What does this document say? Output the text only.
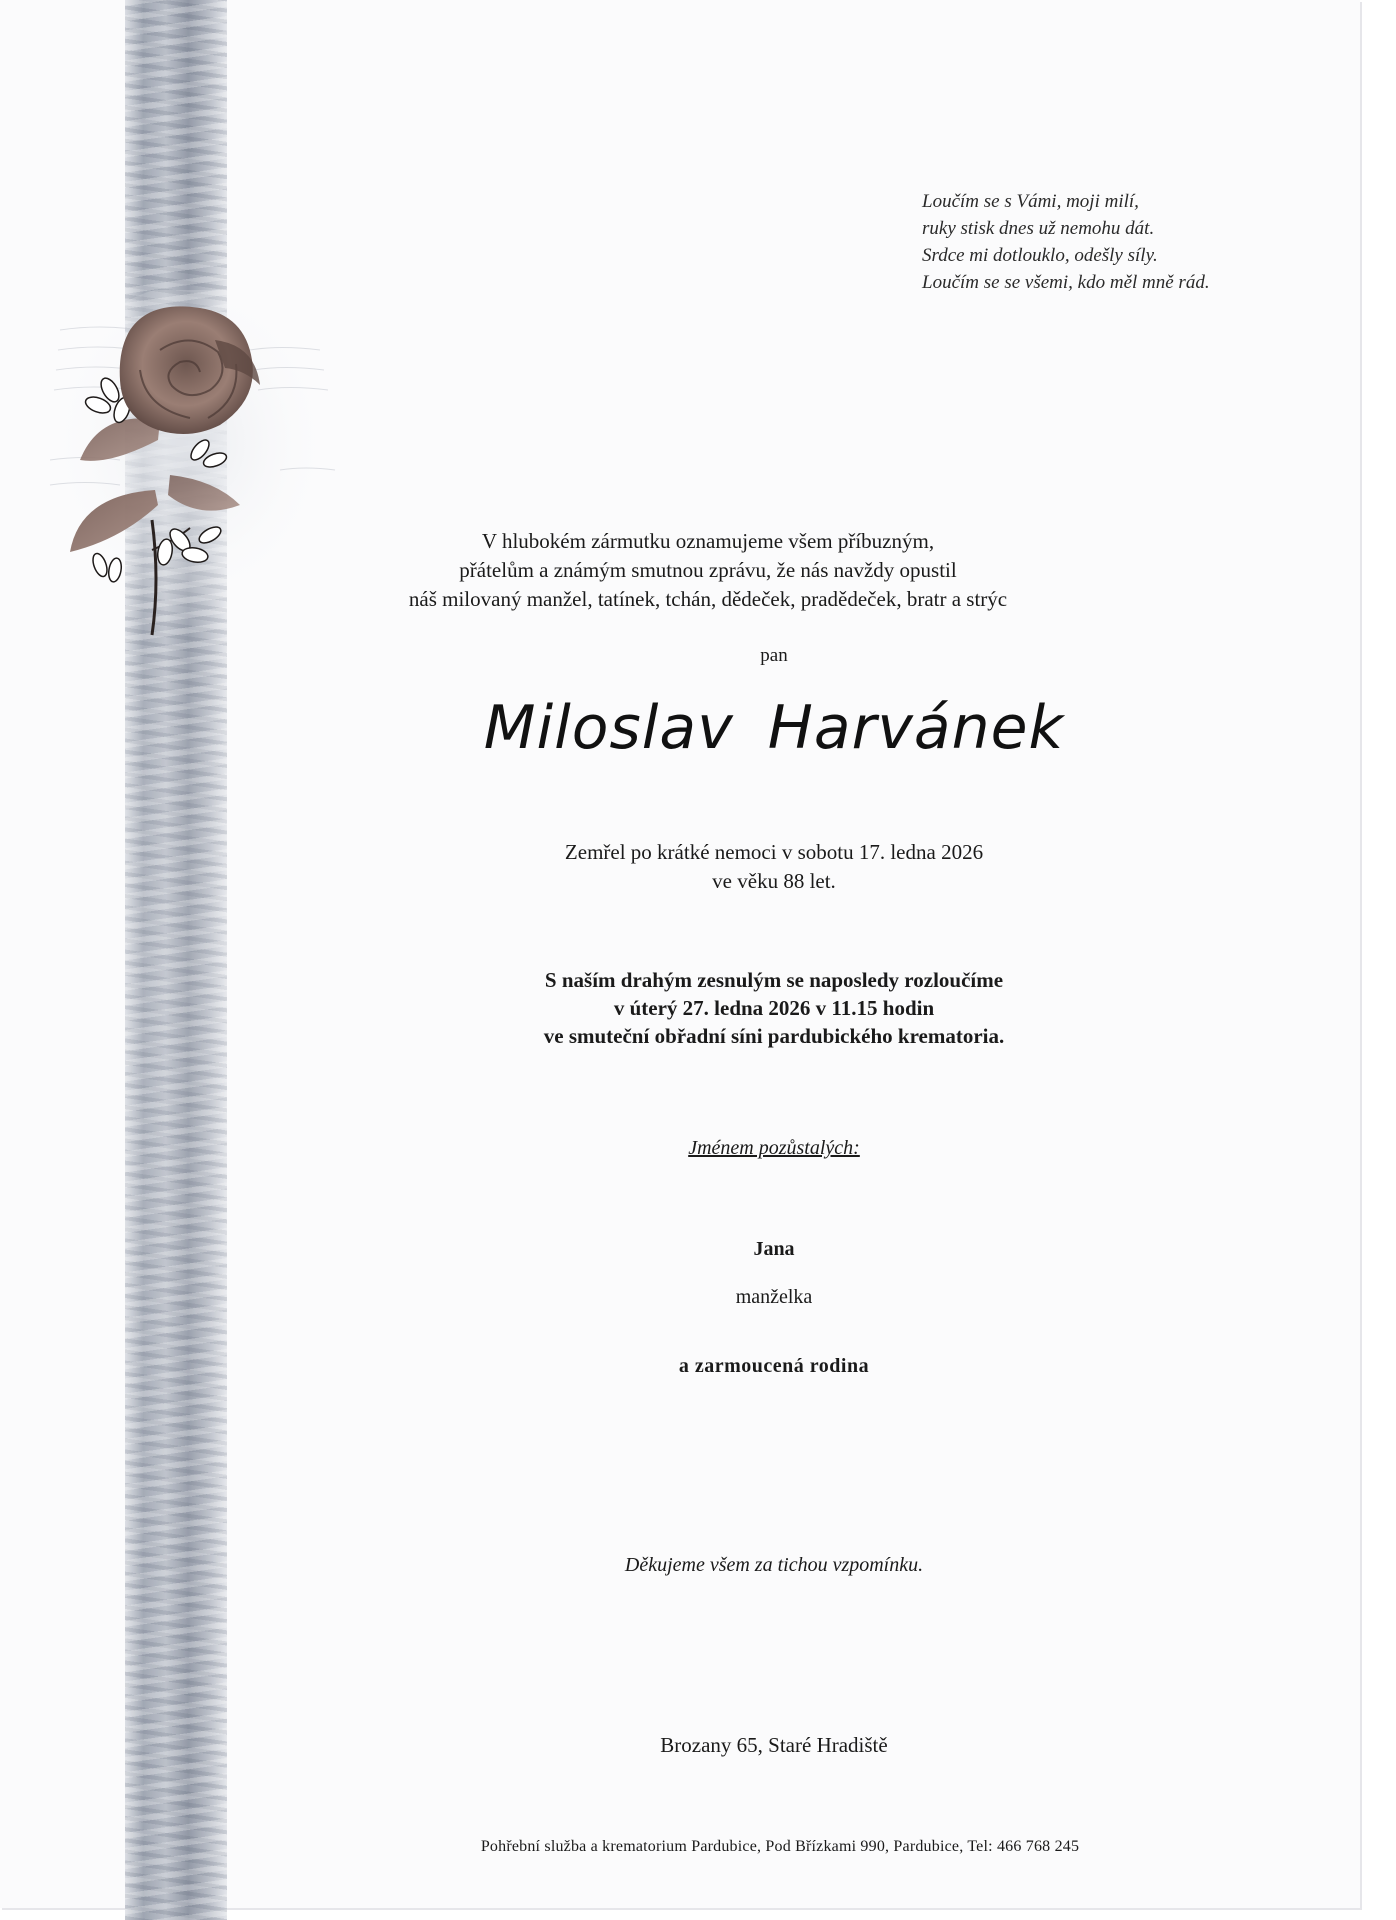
Loučím se s Vámi, moji milí,
ruky stisk dnes už nemohu dát.
Srdce mi dotlouklo, odešly síly.
Loučím se se všemi, kdo měl mně rád.
V hlubokém zármutku oznamujeme všem příbuzným,
přátelům a známým smutnou zprávu, že nás navždy opustil
náš milovaný manžel, tatínek, tchán, dědeček, pradědeček, bratr a strýc
pan
Miloslav Harvánek
Zemřel po krátké nemoci v sobotu 17. ledna 2026
ve věku 88 let.
S naším drahým zesnulým se naposledy rozloučíme
v úterý 27. ledna 2026 v 11.15 hodin
ve smuteční obřadní síni pardubického krematoria.
Jménem pozůstalých:
Jana
manželka
a zarmoucená rodina
Děkujeme všem za tichou vzpomínku.
Brozany 65, Staré Hradiště
Pohřební služba a krematorium Pardubice, Pod Břízkami 990, Pardubice, Tel: 466 768 245
